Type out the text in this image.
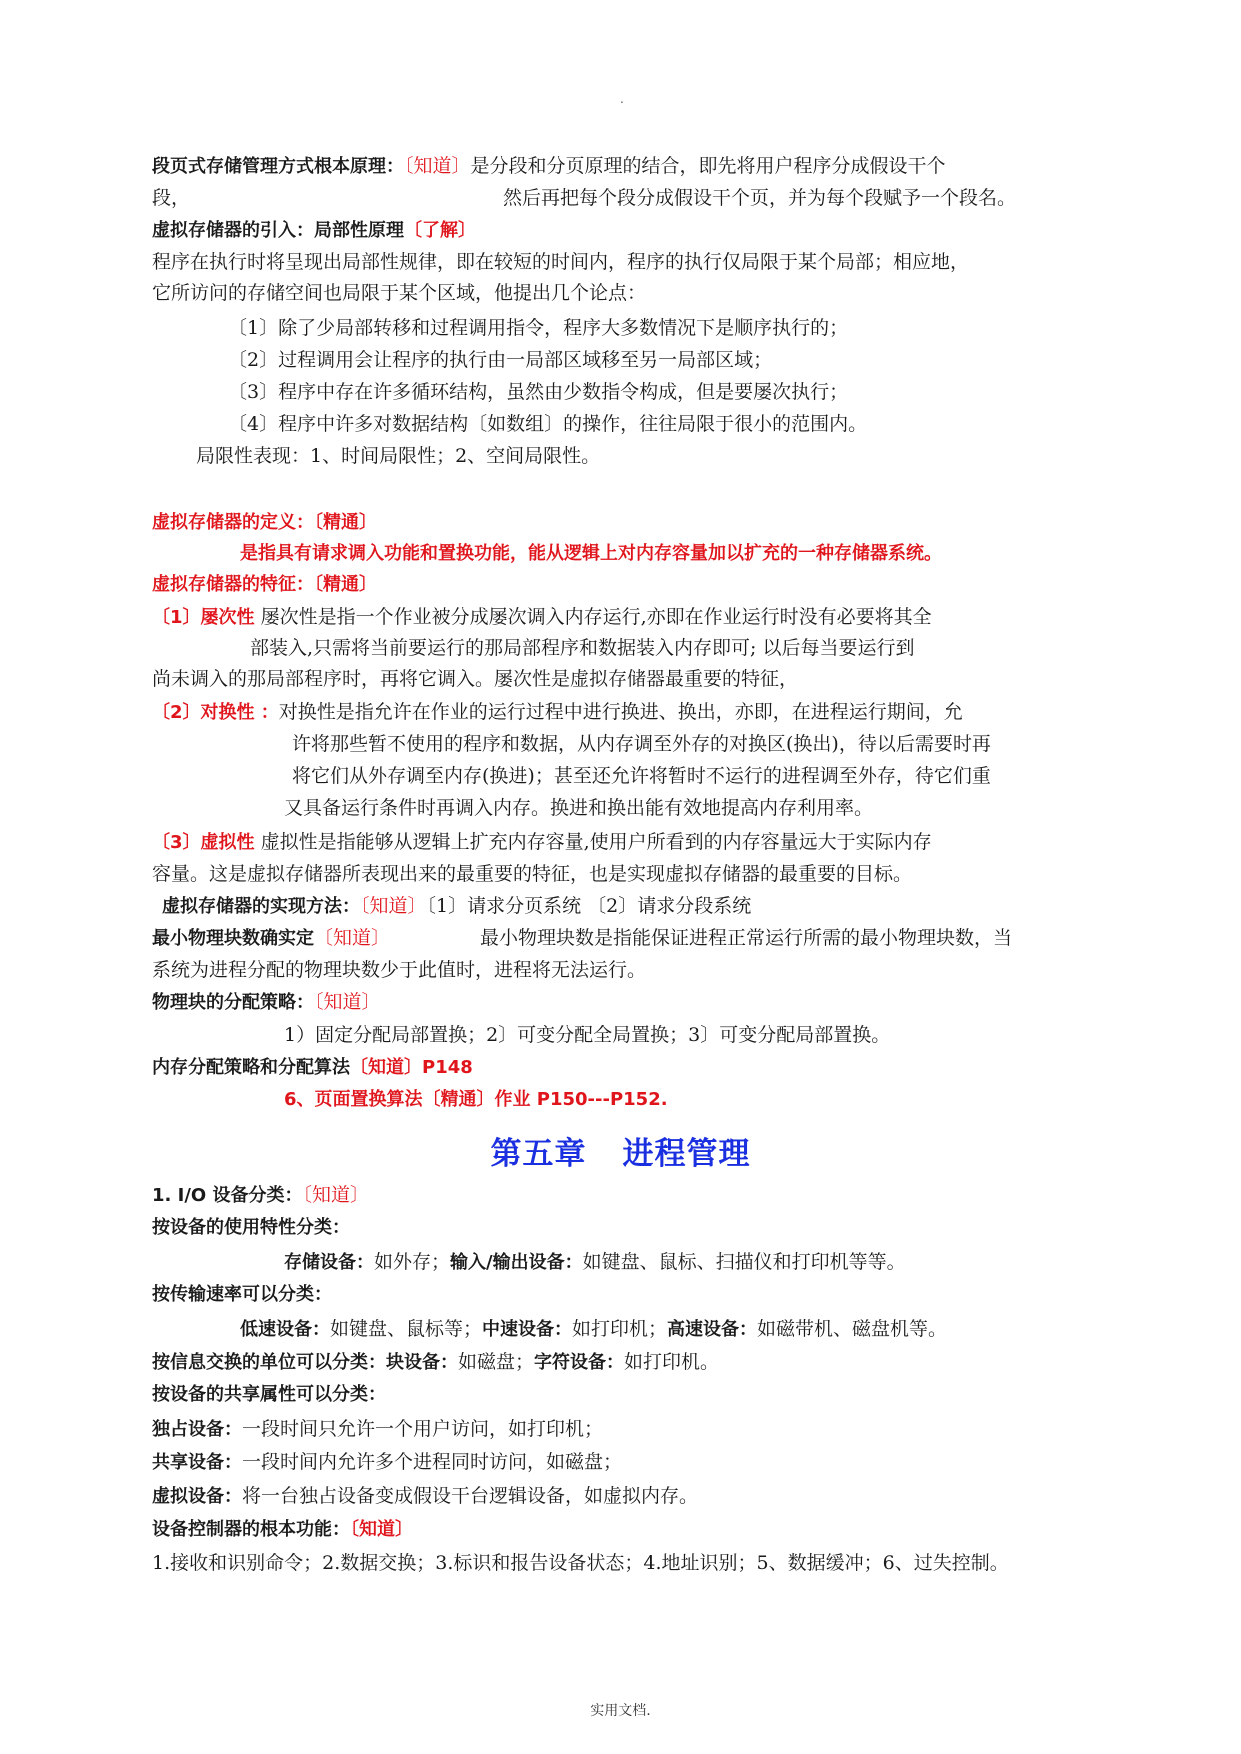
.
段页式存储管理方式根本原理：〔知道〕是分段和分页原理的结合，即先将用户程序分成假设干个
段，	然后再把每个段分成假设干个页，并为每个段赋予一个段名。
虚拟存储器的引入：局部性原理〔了解〕
程序在执行时将呈现出局部性规律，即在较短的时间内，程序的执行仅局限于某个局部；相应地，
它所访问的存储空间也局限于某个区域，他提出几个论点：
〔1〕除了少局部转移和过程调用指令，程序大多数情况下是顺序执行的；
〔2〕过程调用会让程序的执行由一局部区域移至另一局部区域；
〔3〕程序中存在许多循环结构，虽然由少数指令构成，但是要屡次执行；
〔4〕程序中许多对数据结构〔如数组〕的操作，往往局限于很小的范围内。
局限性表现：1、时间局限性；2、空间局限性。
虚拟存储器的定义：〔精通〕
是指具有请求调入功能和置换功能，能从逻辑上对内存容量加以扩充的一种存储器系统。
虚拟存储器的特征：〔精通〕
〔1〕屡次性 屡次性是指一个作业被分成屡次调入内存运行,亦即在作业运行时没有必要将其全
部装入,只需将当前要运行的那局部程序和数据装入内存即可; 以后每当要运行到
尚未调入的那局部程序时，再将它调入。屡次性是虚拟存储器最重要的特征，
〔2〕对换性 ：对换性是指允许在作业的运行过程中进行换进、换出，亦即，在进程运行期间，允
许将那些暂不使用的程序和数据，从内存调至外存的对换区(换出)，待以后需要时再
将它们从外存调至内存(换进)；甚至还允许将暂时不运行的进程调至外存，待它们重
又具备运行条件时再调入内存。换进和换出能有效地提高内存利用率。
〔3〕虚拟性 虚拟性是指能够从逻辑上扩充内存容量,使用户所看到的内存容量远大于实际内存
容量。这是虚拟存储器所表现出来的最重要的特征，也是实现虚拟存储器的最重要的目标。
虚拟存储器的实现方法：〔知道〕〔1〕请求分页系统 〔2〕请求分段系统
最小物理块数确实定〔知道〕	最小物理块数是指能保证进程正常运行所需的最小物理块数，当
系统为进程分配的物理块数少于此值时，进程将无法运行。
物理块的分配策略：〔知道〕
1）固定分配局部置换；2〕可变分配全局置换；3〕可变分配局部置换。
内存分配策略和分配算法〔知道〕P148
6、页面置换算法〔精通〕作业 P150---P152.
第五章 进程管理
1. I/O 设备分类：〔知道〕
按设备的使用特性分类：
存储设备：如外存；输入/输出设备：如键盘、鼠标、扫描仪和打印机等等。
按传输速率可以分类：
低速设备：如键盘、鼠标等；中速设备：如打印机；高速设备：如磁带机、磁盘机等。
按信息交换的单位可以分类：块设备：如磁盘；字符设备：如打印机。
按设备的共享属性可以分类：
独占设备：一段时间只允许一个用户访问，如打印机；
共享设备：一段时间内允许多个进程同时访问，如磁盘；
虚拟设备：将一台独占设备变成假设干台逻辑设备，如虚拟内存。
设备控制器的根本功能：〔知道〕
1.接收和识别命令；2.数据交换；3.标识和报告设备状态；4.地址识别；5、数据缓冲；6、过失控制。
实用文档.
